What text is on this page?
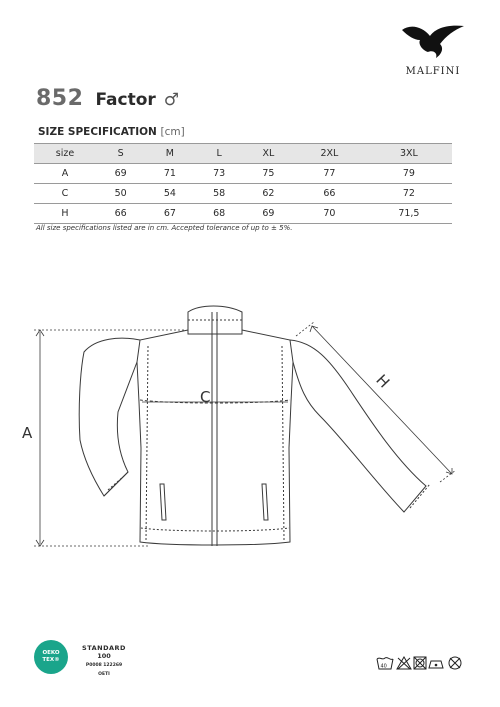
MALFINI
852 Factor ♂
SIZE SPECIFICATION [cm]
size	S	M	L	XL	2XL	3XL
A	69	71	73	75	77	79
C	50	54	58	62	66	72
H	66	67	68	69	70	71,5
All size specifications listed are in cm. Accepted tolerance of up to ± 5%.
A
C
H
OEKO
TEX®
STANDARD
100
P0008 122269
OETI
40
